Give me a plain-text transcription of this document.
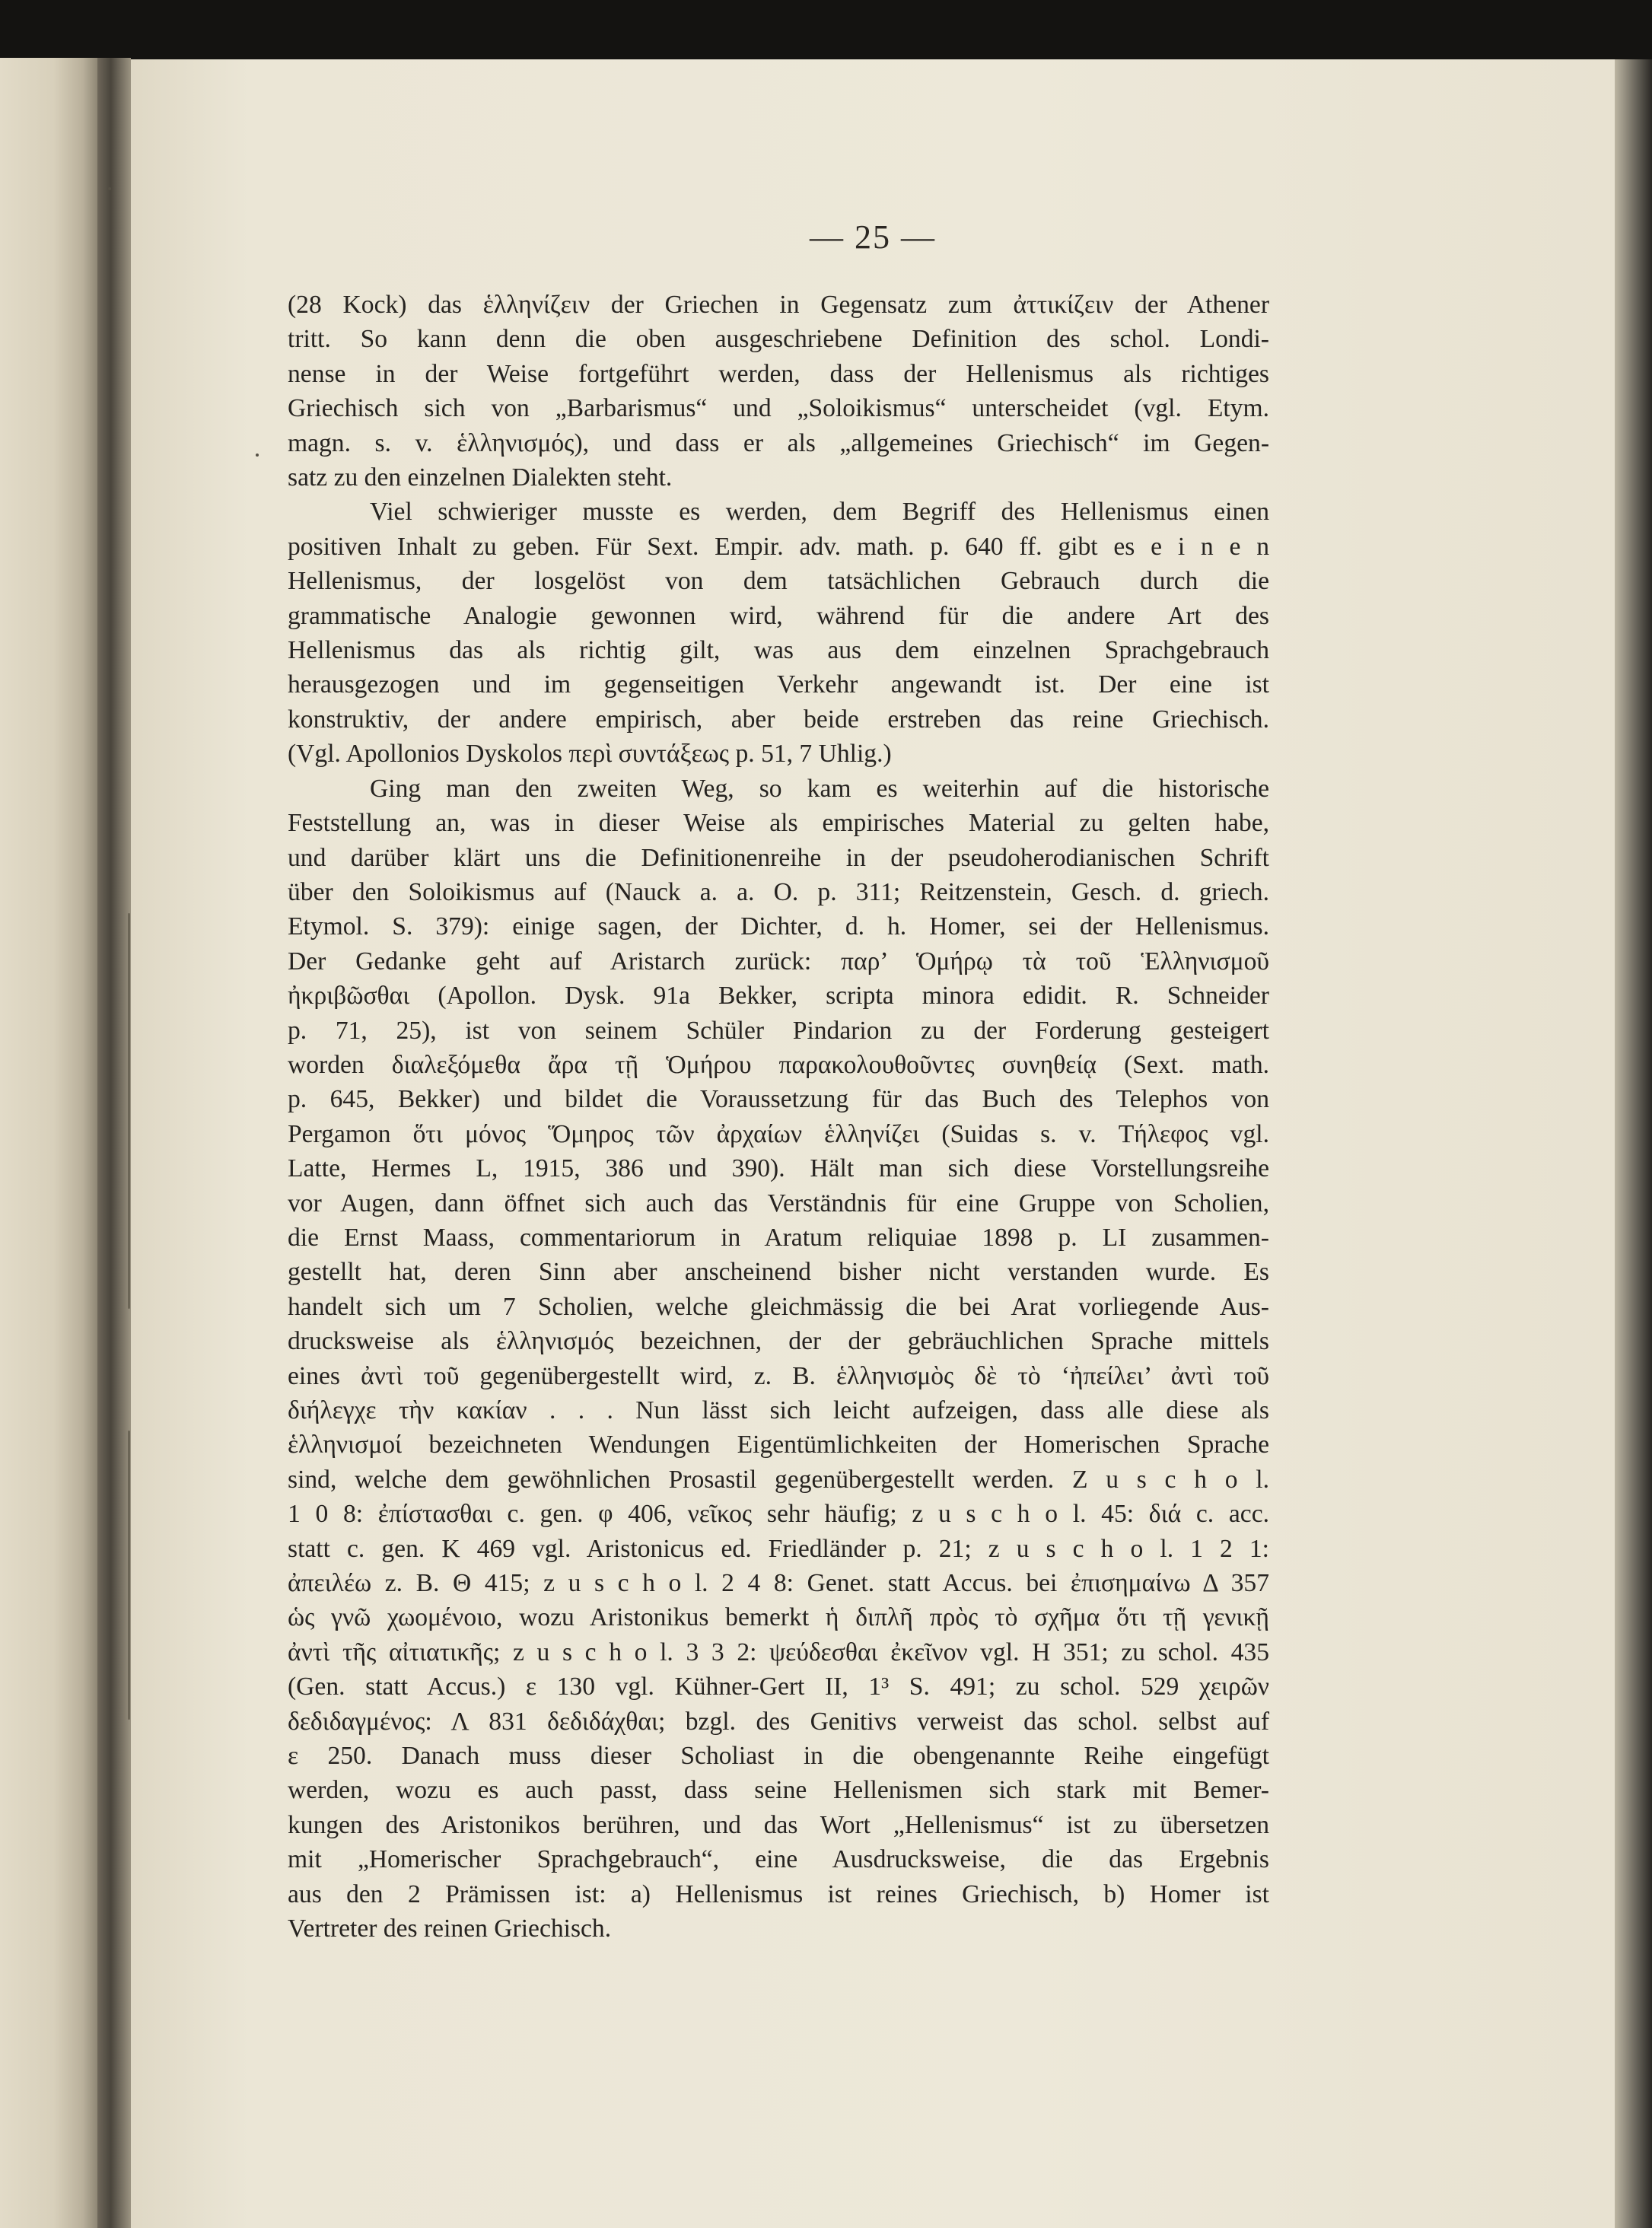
— 25 —

(28 Kock) das ἑλληνίζειν der Griechen in Gegensatz zum ἀττικίζειν der Athener

tritt. So kann denn die oben ausgeschriebene Definition des schol. Londi-

nense in der Weise fortgeführt werden, dass der Hellenismus als richtiges

Griechisch sich von „Barbarismus“ und „Soloikismus“ unterscheidet (vgl. Etym.

magn. s. v. ἑλληνισμός), und dass er als „allgemeines Griechisch“ im Gegen-

satz zu den einzelnen Dialekten steht.

Viel schwieriger musste es werden, dem Begriff des Hellenismus einen

positiven Inhalt zu geben. Für Sext. Empir. adv. math. p. 640 ff. gibt es e i n e n

Hellenismus, der losgelöst von dem tatsächlichen Gebrauch durch die

grammatische Analogie gewonnen wird, während für die andere Art des

Hellenismus das als richtig gilt, was aus dem einzelnen Sprachgebrauch

herausgezogen und im gegenseitigen Verkehr angewandt ist. Der eine ist

konstruktiv, der andere empirisch, aber beide erstreben das reine Griechisch.

(Vgl. Apollonios Dyskolos περὶ συντάξεως p. 51, 7 Uhlig.)

Ging man den zweiten Weg, so kam es weiterhin auf die historische

Feststellung an, was in dieser Weise als empirisches Material zu gelten habe,

und darüber klärt uns die Definitionenreihe in der pseudoherodianischen Schrift

über den Soloikismus auf (Nauck a. a. O. p. 311; Reitzenstein, Gesch. d. griech.

Etymol. S. 379): einige sagen, der Dichter, d. h. Homer, sei der Hellenismus.

Der Gedanke geht auf Aristarch zurück: παρ’ Ὁμήρῳ τὰ τοῦ Ἑλληνισμοῦ

ἠκριβῶσθαι (Apollon. Dysk. 91a Bekker, scripta minora edidit. R. Schneider

p. 71, 25), ist von seinem Schüler Pindarion zu der Forderung gesteigert

worden διαλεξόμεθα ἄρα τῇ Ὁμήρου παρακολουθοῦντες συνηθείᾳ (Sext. math.

p. 645, Bekker) und bildet die Voraussetzung für das Buch des Telephos von

Pergamon ὅτι μόνος Ὅμηρος τῶν ἀρχαίων ἑλληνίζει (Suidas s. v. Τήλεφος vgl.

Latte, Hermes L, 1915, 386 und 390). Hält man sich diese Vorstellungsreihe

vor Augen, dann öffnet sich auch das Verständnis für eine Gruppe von Scholien,

die Ernst Maass, commentariorum in Aratum reliquiae 1898 p. LI zusammen-

gestellt hat, deren Sinn aber anscheinend bisher nicht verstanden wurde. Es

handelt sich um 7 Scholien, welche gleichmässig die bei Arat vorliegende Aus-

drucksweise als ἑλληνισμός bezeichnen, der der gebräuchlichen Sprache mittels

eines ἀντὶ τοῦ gegenübergestellt wird, z. B. ἑλληνισμὸς δὲ τὸ ‘ἠπείλει’ ἀντὶ τοῦ

διήλεγχε τὴν κακίαν . . . Nun lässt sich leicht aufzeigen, dass alle diese als

ἑλληνισμοί bezeichneten Wendungen Eigentümlichkeiten der Homerischen Sprache

sind, welche dem gewöhnlichen Prosastil gegenübergestellt werden. Z u s c h o l.

1 0 8: ἐπίστασθαι c. gen. φ 406, νεῖκος sehr häufig; z u s c h o l. 45: διά c. acc.

statt c. gen. Κ 469 vgl. Aristonicus ed. Friedländer p. 21; z u s c h o l. 1 2 1:

ἀπειλέω z. B. Θ 415; z u s c h o l. 2 4 8: Genet. statt Accus. bei ἐπισημαίνω Δ 357

ὡς γνῶ χωομένοιο, wozu Aristonikus bemerkt ἡ διπλῆ πρὸς τὸ σχῆμα ὅτι τῇ γενικῇ

ἀντὶ τῆς αἰτιατικῆς; z u s c h o l. 3 3 2: ψεύδεσθαι ἐκεῖνον vgl. Η 351; zu schol. 435

(Gen. statt Accus.) ε 130 vgl. Kühner-Gert II, 1³ S. 491; zu schol. 529 χειρῶν

δεδιδαγμένος: Λ 831 δεδιδάχθαι; bzgl. des Genitivs verweist das schol. selbst auf

ε 250. Danach muss dieser Scholiast in die obengenannte Reihe eingefügt

werden, wozu es auch passt, dass seine Hellenismen sich stark mit Bemer-

kungen des Aristonikos berühren, und das Wort „Hellenismus“ ist zu übersetzen

mit „Homerischer Sprachgebrauch“, eine Ausdrucksweise, die das Ergebnis

aus den 2 Prämissen ist: a) Hellenismus ist reines Griechisch, b) Homer ist

Vertreter des reinen Griechisch.
